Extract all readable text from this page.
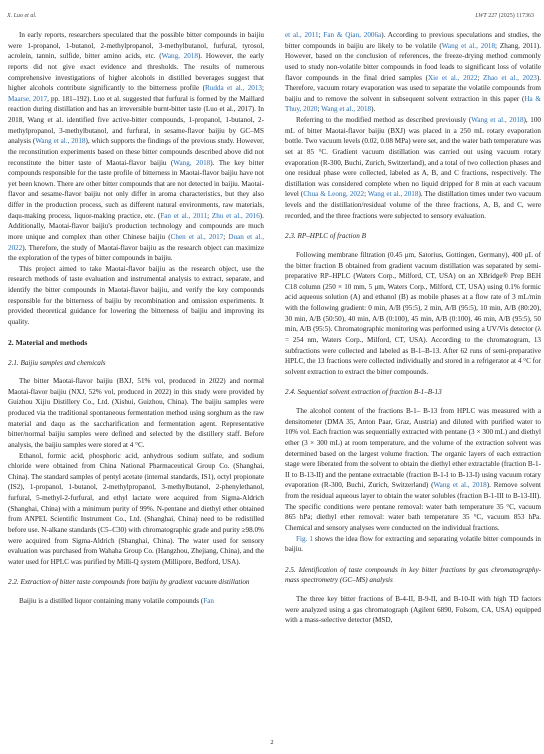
X. Luo et al.	LWT 227 (2025) 117363

In early reports, researchers speculated that the possible bitter compounds in baijiu were 1-propanol, 1-butanol, 2-methylpropanol, 3-methylbutanol, furfural, tyrosol, acrolein, tannin, sulfide, bitter amino acids, etc. (Wang, 2018). However, the early reports did not give exact evidence and thresholds. The results of numerous comprehensive investigations of higher alcohols in distilled beverages suggest that higher alcohols contribute significantly to the bitterness profile (Rudda et al., 2013; Maarse, 2017, pp. 181–192). Luo et al. suggested that furfural is formed by the Maillard reaction during distillation and has an irreversible burnt-bitter taste (Luo et al., 2017). In 2018, Wang et al. identified five active-bitter compounds, 1-propanol, 1-butanol, 2-methylpropanol, 3-methylbutanol, and furfural, in sesame-flavor baijiu by GC–MS analysis (Wang et al., 2018), which supports the findings of the previous study. However, the reconstitution experiments based on these bitter compounds described above did not reconstitute the bitter taste of Maotai-flavor baijiu (Wang, 2018). The key bitter compounds responsible for the taste profile of bitterness in Maotai-flavor baijiu have not yet been known. There are other bitter compounds that are not detected in baijiu. Maotai-flavor and sesame-flavor baijiu not only differ in aroma characteristics, but they also differ in the production process, such as different natural environments, raw materials, daqu-making process, liquor-making practice, etc. (Fan et al., 2011; Zhu et al., 2016). Additionally, Maotai-flavor baijiu's production technology and compounds are much more unique and complex than other Chinese baijiu (Chen et al., 2017; Duan et al., 2022). Therefore, the study of Maotai-flavor baijiu as the research object can maximize the exploration of the types of bitter compounds in baijiu.

This project aimed to take Maotai-flavor baijiu as the research object, use the research methods of taste evaluation and instrumental analysis to extract, separate, and identify the bitter compounds in Maotai-flavor baijiu, and verify the key compounds responsible for the bitterness of baijiu by recombination and omission experiments. It provided theoretical guidance for lowering the bitterness of baijiu and improving its quality.

2. Material and methods
2.1. Baijiu samples and chemicals

The bitter Maotai-flavor baijiu (BXJ, 51% vol, produced in 2022) and normal Maotai-flavor baijiu (NXJ, 52% vol, produced in 2022) in this study were provided by Guizhou Xijiu Distillery Co., Ltd. (Xishui, Guizhou, China). The baijiu samples were produced via the traditional spontaneous fermentation method using sorghum as the raw material and daqu as the saccharification and fermentation agent. Representative bitter/normal baijiu samples were defined and selected by the distillery staff. Before analysis, the baijiu samples were stored at 4 °C.

Ethanol, formic acid, phosphoric acid, anhydrous sodium sulfate, and sodium chloride were obtained from China National Pharmaceutical Group Co. (Shanghai, China). The standard samples of pentyl acetate (internal standards, IS1), octyl propionate (IS2), 1-propanol, 1-butanol, 2-methylpropanol, 3-methylbutanol, 2-phenylethanol, furfural, 5-methyl-2-furfural, and ethyl lactate were acquired from Sigma-Aldrich (Shanghai, China) with a minimum purity of 99%. N-pentane and diethyl ether obtained from ANPEL Scientific Instrument Co., Ltd. (Shanghai, China) need to be redistilled before use. N-alkane standards (C5–C30) with chromatographic grade and purity ≥98.0% were acquired from Sigma-Aldrich (Shanghai, China). The water used for sensory evaluation was purchased from Wahaha Group Co. (Hangzhou, Zhejiang, China), and the water used for HPLC was purified by Milli-Q system (Millipore, Bedford, USA).

2.2. Extraction of bitter taste compounds from baijiu by gradient vacuum distillation

Baijiu is a distilled liquor containing many volatile compounds (Fan

et al., 2011; Fan & Qian, 2006a). According to previous speculations and studies, the bitter compounds in baijiu are likely to be volatile (Wang et al., 2018; Zhang, 2011). However, based on the conclusion of references, the freeze-drying method commonly used to study non-volatile bitter compounds in food leads to significant loss of volatile flavor compounds in the final dried samples (Xie et al., 2022; Zhao et al., 2023). Therefore, vacuum rotary evaporation was used to separate the volatile compounds from baijiu and to remove the solvent in subsequent solvent extraction in this paper (Ha & Thuy, 2020; Wang et al., 2018).

Referring to the modified method as described previously (Wang et al., 2018), 100 mL of bitter Maotai-flavor baijiu (BXJ) was placed in a 250 mL rotary evaporation bottle. Two vacuum levels (0.02, 0.08 MPa) were set, and the water bath temperature was set at 85 °C. Gradient vacuum distillation was carried out using vacuum rotary evaporation (R-300, Buchi, Zurich, Switzerland), and a total of two collection phases and one residual phase were collected, labeled as A, B, and C fractions, respectively. The distillation was considered complete when no liquid dripped for 8 min at each vacuum level (Chua & Leong, 2022; Wang et al., 2018). The distillation times under two vacuum levels and the distillation/residual volume of the three fractions, A, B, and C, were recorded, and the three fractions were subjected to sensory evaluation.

2.3. RP–HPLC of fraction B

Following membrane filtration (0.45 μm, Satorius, Gottingen, Germany), 400 μL of the bitter fraction B obtained from gradient vacuum distillation was separated by semi-preparative RP–HPLC (Waters Corp., Milford, CT, USA) on an XBridge® Prep BEH C18 column (250 × 10 mm, 5 μm, Waters Corp., Milford, CT, USA) using 0.1% formic acid aqueous solution (A) and ethanol (B) as mobile phases at a flow rate of 3 mL/min with the following gradient: 0 min, A/B (95:5), 2 min, A/B (95:5), 10 min, A/B (80:20), 30 min, A/B (50:50), 40 min, A/B (0:100), 45 min, A/B (0:100), 46 min, A/B (95:5), 50 min, A/B (95:5). Chromatographic monitoring was performed using a UV/Vis detector (λ = 254 nm, Waters Corp., Milford, CT, USA). According to the chromatogram, 13 subfractions were collected and labeled as B-1–B-13. After 62 runs of semi-preparative HPLC, the 13 fractions were collected individually and stored in a refrigerator at 4 °C for solvent extraction to extract the bitter compounds.

2.4. Sequential solvent extraction of fraction B-1–B-13

The alcohol content of the fractions B-1– B-13 from HPLC was measured with a densitometer (DMA 35, Anton Paar, Graz, Austria) and diluted with purified water to 10% vol. Each fraction was sequentially extracted with pentane (3 × 300 mL) and diethyl ether (3 × 300 mL) at room temperature, and the volume of the extraction solvent was determined based on the largest volume fraction. The organic layers of each extraction stage were liberated from the solvent to obtain the diethyl ether extractable (fraction B-1-II to B-13-II) and the pentane extractable (fraction B-1-I to B-13-I) using vacuum rotary evaporation (R-300, Buchi, Zurich, Switzerland) (Wang et al., 2018). Remove solvent from the residual aqueous layer to obtain the water solubles (fraction B-1-III to B-13-III). The specific conditions were pentane removal: water bath temperature 35 °C, vacuum 865 hPa; diethyl ether removal: water bath temperature 35 °C, vacuum 853 hPa. Chemical and sensory analyses were conducted on the individual fractions.

Fig. 1 shows the idea flow for extracting and separating volatile bitter compounds in baijiu.

2.5. Identification of taste compounds in key bitter fractions by gas chromatography-mass spectrometry (GC–MS) analysis

The three key bitter fractions of B-4-II, B-9-II, and B-10-II with high TD factors were analyzed using a gas chromatograph (Agilent 6890, Folsom, CA, USA) equipped with a mass-selective detector (MSD,

2
